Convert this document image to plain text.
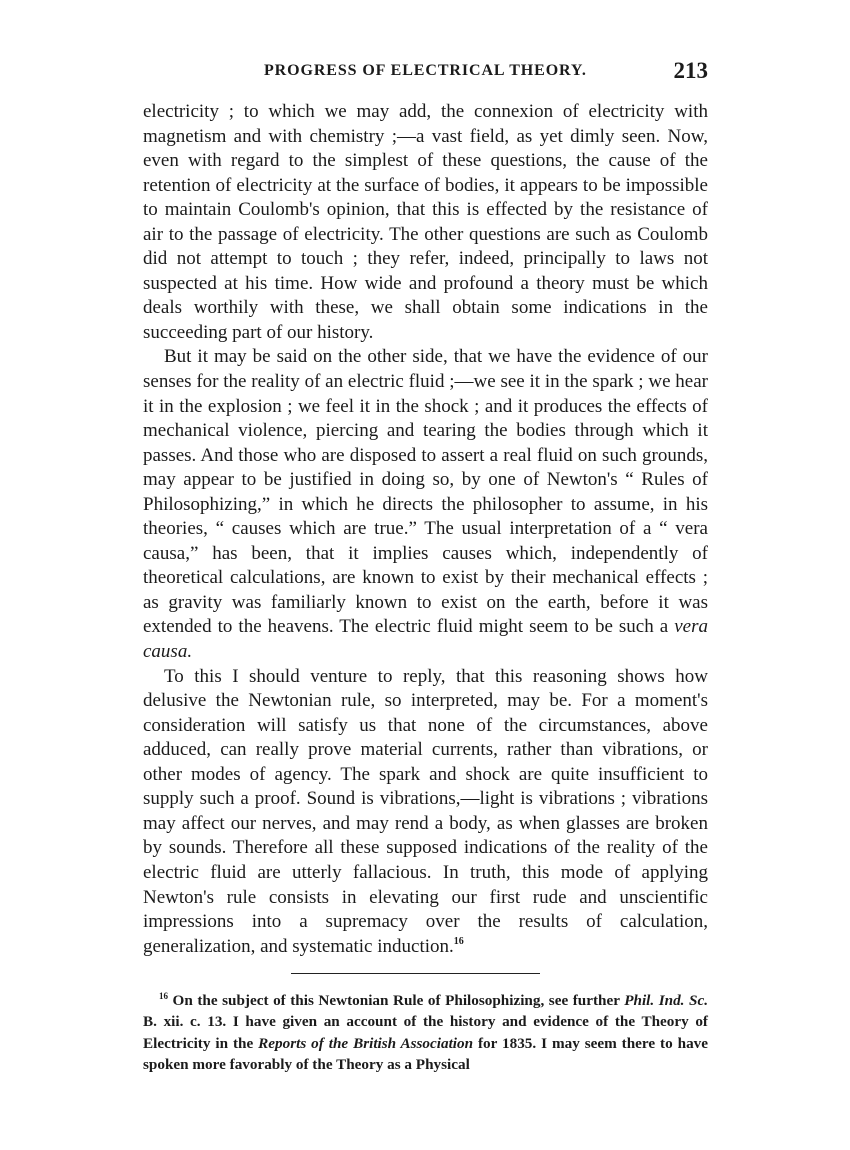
PROGRESS OF ELECTRICAL THEORY.	213

electricity ; to which we may add, the connexion of electricity with magnetism and with chemistry ;—a vast field, as yet dimly seen. Now, even with regard to the simplest of these questions, the cause of the retention of electricity at the surface of bodies, it appears to be impossible to maintain Coulomb's opinion, that this is effected by the resistance of air to the passage of electricity. The other questions are such as Coulomb did not attempt to touch ; they refer, indeed, principally to laws not suspected at his time. How wide and profound a theory must be which deals worthily with these, we shall obtain some indications in the succeeding part of our history.

But it may be said on the other side, that we have the evidence of our senses for the reality of an electric fluid ;—we see it in the spark ; we hear it in the explosion ; we feel it in the shock ; and it produces the effects of mechanical violence, piercing and tearing the bodies through which it passes. And those who are disposed to assert a real fluid on such grounds, may appear to be justified in doing so, by one of Newton's “ Rules of Philosophizing,” in which he directs the philosopher to assume, in his theories, “ causes which are true.” The usual interpretation of a “ vera causa,” has been, that it implies causes which, independently of theoretical calculations, are known to exist by their mechanical effects ; as gravity was familiarly known to exist on the earth, before it was extended to the heavens. The electric fluid might seem to be such a vera causa.

To this I should venture to reply, that this reasoning shows how delusive the Newtonian rule, so interpreted, may be. For a moment's consideration will satisfy us that none of the circumstances, above adduced, can really prove material currents, rather than vibrations, or other modes of agency. The spark and shock are quite insufficient to supply such a proof. Sound is vibrations,—light is vibrations ; vibrations may affect our nerves, and may rend a body, as when glasses are broken by sounds. Therefore all these supposed indications of the reality of the electric fluid are utterly fallacious. In truth, this mode of applying Newton's rule consists in elevating our first rude and unscientific impressions into a supremacy over the results of calculation, generalization, and systematic induction.$^{16}$

$^{16}$ On the subject of this Newtonian Rule of Philosophizing, see further Phil. Ind. Sc. B. xii. c. 13. I have given an account of the history and evidence of the Theory of Electricity in the Reports of the British Association for 1835. I may seem there to have spoken more favorably of the Theory as a Physical
